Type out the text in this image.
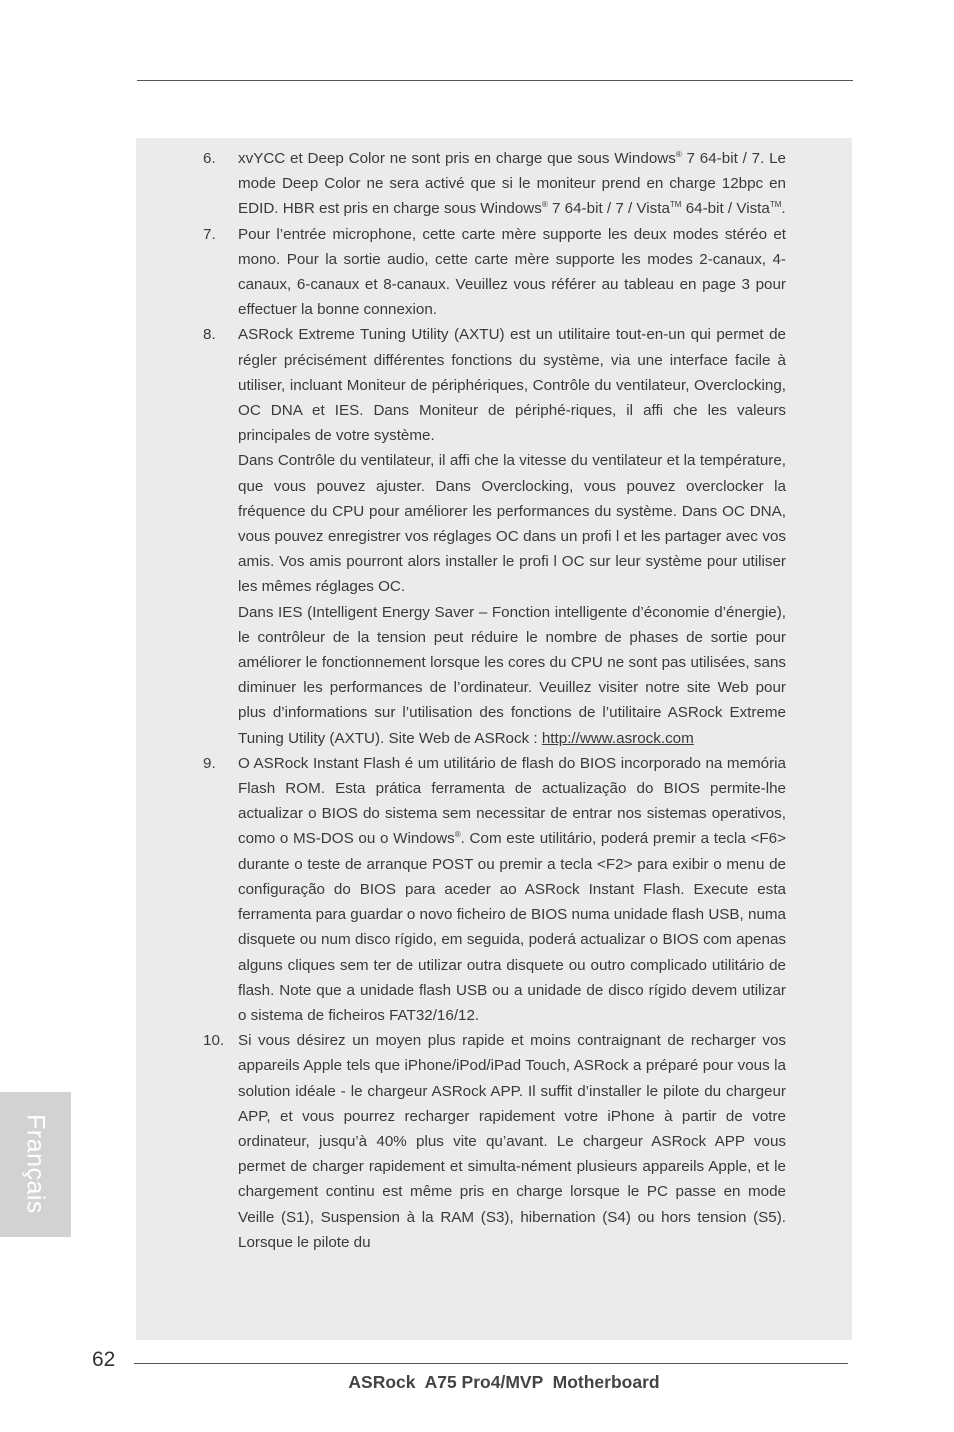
6. xvYCC et Deep Color ne sont pris en charge que sous Windows® 7 64-bit / 7. Le mode Deep Color ne sera activé que si le moniteur prend en charge 12bpc en EDID. HBR est pris en charge sous Windows® 7 64-bit / 7 / Vista™ 64-bit / Vista™.
7. Pour l’entrée microphone, cette carte mère supporte les deux modes stéréo et mono. Pour la sortie audio, cette carte mère supporte les modes 2-canaux, 4-canaux, 6-canaux et 8-canaux. Veuillez vous référer au tableau en page 3 pour effectuer la bonne connexion.
8. ASRock Extreme Tuning Utility (AXTU) est un utilitaire tout-en-un qui permet de régler précisément différentes fonctions du système, via une interface facile à utiliser, incluant Moniteur de périphériques, Contrôle du ventilateur, Overclocking, OC DNA et IES. Dans Moniteur de périphé-riques, il affi che les valeurs principales de votre système.
Dans Contrôle du ventilateur, il affi che la vitesse du ventilateur et la température, que vous pouvez ajuster. Dans Overclocking, vous pouvez overclocker la fréquence du CPU pour améliorer les performances du système. Dans OC DNA, vous pouvez enregistrer vos réglages OC dans un profi l et les partager avec vos amis. Vos amis pourront alors installer le profi l OC sur leur système pour utiliser les mêmes réglages OC.
Dans IES (Intelligent Energy Saver – Fonction intelligente d’économie d’énergie), le contrôleur de la tension peut réduire le nombre de phases de sortie pour améliorer le fonctionnement lorsque les cores du CPU ne sont pas utilisées, sans diminuer les performances de l’ordinateur. Veuillez visiter notre site Web pour plus d’informations sur l’utilisation des fonctions de l’utilitaire ASRock Extreme Tuning Utility (AXTU). Site Web de ASRock : http://www.asrock.com
9. O ASRock Instant Flash é um utilitário de flash do BIOS incorporado na memória Flash ROM. Esta prática ferramenta de actualização do BIOS permite-lhe actualizar o BIOS do sistema sem necessitar de entrar nos sistemas operativos, como o MS-DOS ou o Windows®. Com este utilitário, poderá premir a tecla <F6> durante o teste de arranque POST ou premir a tecla <F2> para exibir o menu de configuração do BIOS para aceder ao ASRock Instant Flash. Execute esta ferramenta para guardar o novo ficheiro de BIOS numa unidade flash USB, numa disquete ou num disco rígido, em seguida, poderá actualizar o BIOS com apenas alguns cliques sem ter de utilizar outra disquete ou outro complicado utilitário de flash. Note que a unidade flash USB ou a unidade de disco rígido devem utilizar o sistema de ficheiros FAT32/16/12.
10. Si vous désirez un moyen plus rapide et moins contraignant de recharger vos appareils Apple tels que iPhone/iPod/iPad Touch, ASRock a préparé pour vous la solution idéale - le chargeur ASRock APP. Il suffit d’installer le pilote du chargeur APP, et vous pourrez recharger rapidement votre iPhone à partir de votre ordinateur, jusqu’à 40% plus vite qu’avant. Le chargeur ASRock APP vous permet de charger rapidement et simulta-nément plusieurs appareils Apple, et le chargement continu est même pris en charge lorsque le PC passe en mode Veille (S1), Suspension à la RAM (S3), hibernation (S4) ou hors tension (S5). Lorsque le pilote du
Français
62
ASRock  A75 Pro4/MVP  Motherboard
